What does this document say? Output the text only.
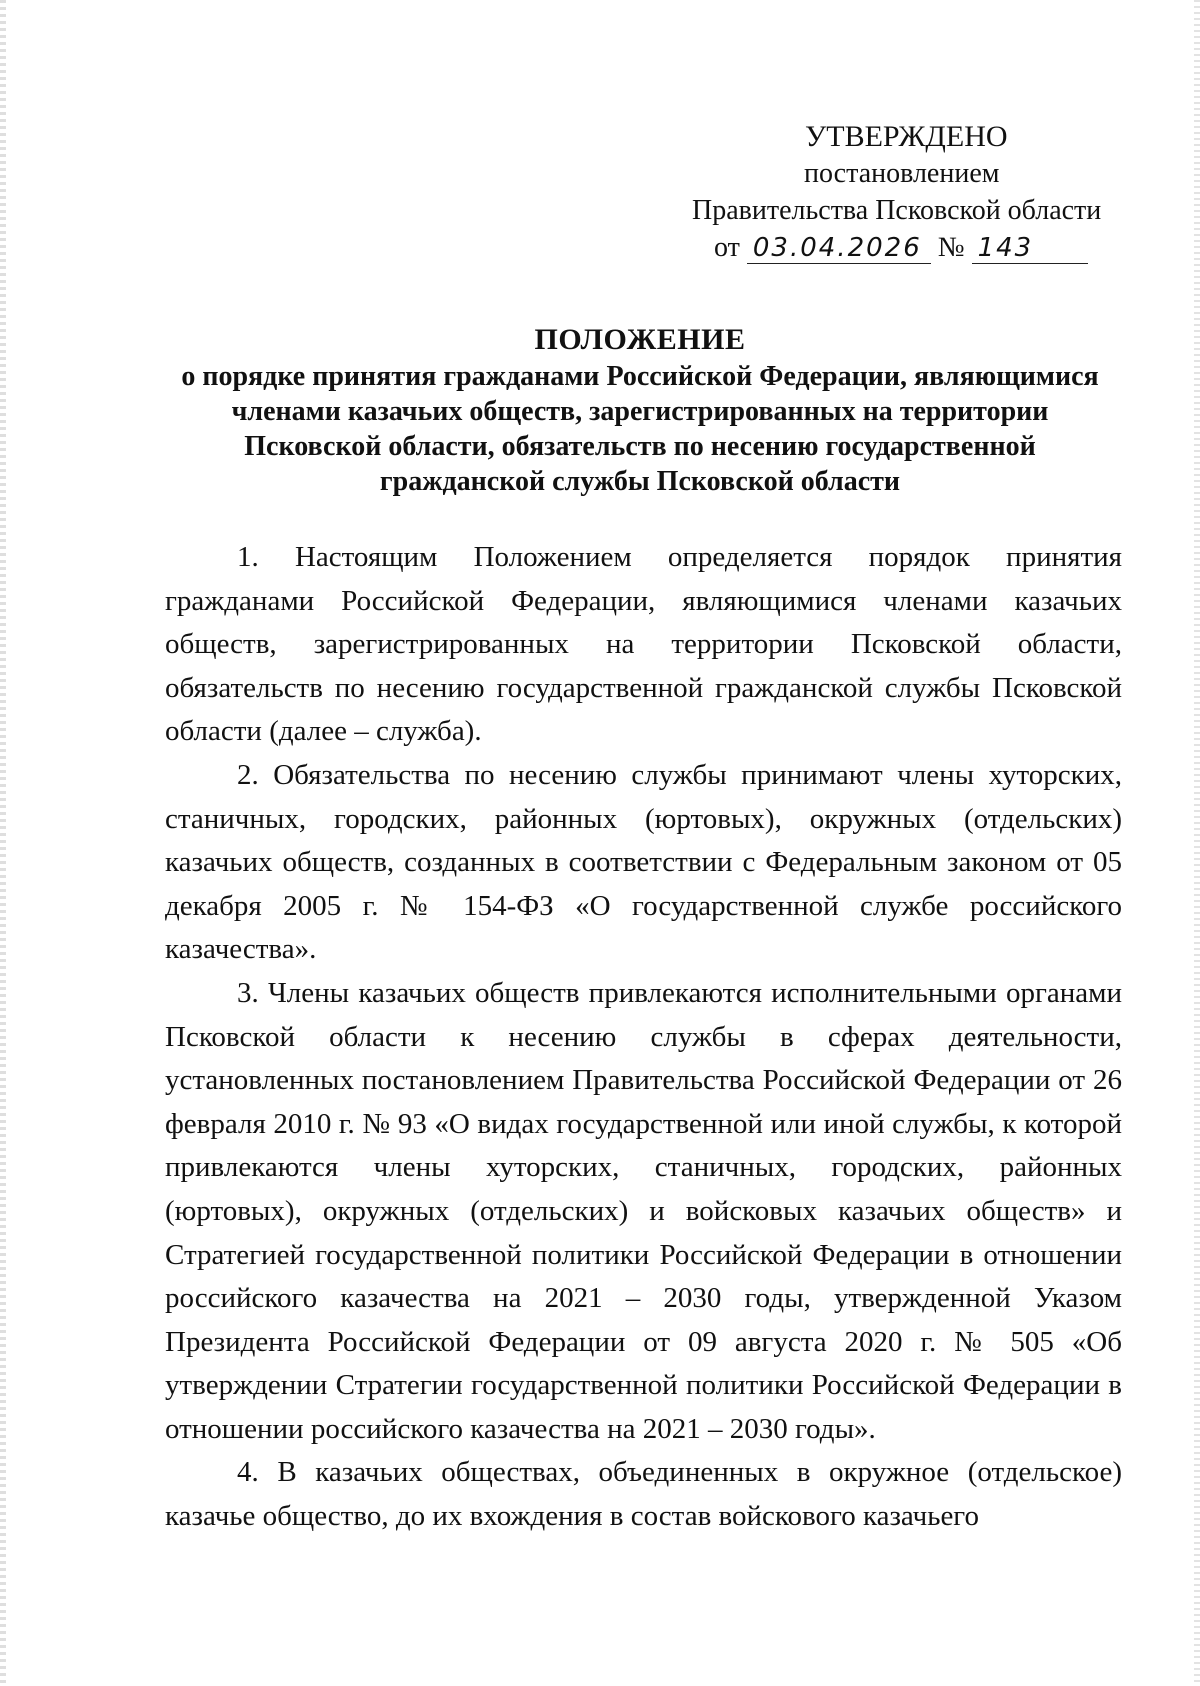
УТВЕРЖДЕНО
постановлением
Правительства Псковской области
от 03.04.2026 № 143
ПОЛОЖЕНИЕ
о порядке принятия гражданами Российской Федерации, являющимися
членами казачьих обществ, зарегистрированных на территории
Псковской области, обязательств по несению государственной
гражданской службы Псковской области

1. Настоящим Положением определяется порядок принятия гражданами Российской Федерации, являющимися членами казачьих обществ, зарегистрированных на территории Псковской области, обязательств по несению государственной гражданской службы Псковской области (далее – служба).

2. Обязательства по несению службы принимают члены хуторских, станичных, городских, районных (юртовых), окружных (отдельских) казачьих обществ, созданных в соответствии с Федеральным законом от 05 декабря 2005 г. № 154-ФЗ «О государственной службе российского казачества».

3. Члены казачьих обществ привлекаются исполнительными органами Псковской области к несению службы в сферах деятельности, установленных постановлением Правительства Российской Федерации от 26 февраля 2010 г. № 93 «О видах государственной или иной службы, к которой привлекаются члены хуторских, станичных, городских, районных (юртовых), окружных (отдельских) и войсковых казачьих обществ» и Стратегией государственной политики Российской Федерации в отношении российского казачества на 2021 – 2030 годы, утвержденной Указом Президента Российской Федерации от 09 августа 2020 г. № 505 «Об утверждении Стратегии государственной политики Российской Федерации в отношении российского казачества на 2021 – 2030 годы».

4. В казачьих обществах, объединенных в окружное (отдельское) казачье общество, до их вхождения в состав войскового казачьего
